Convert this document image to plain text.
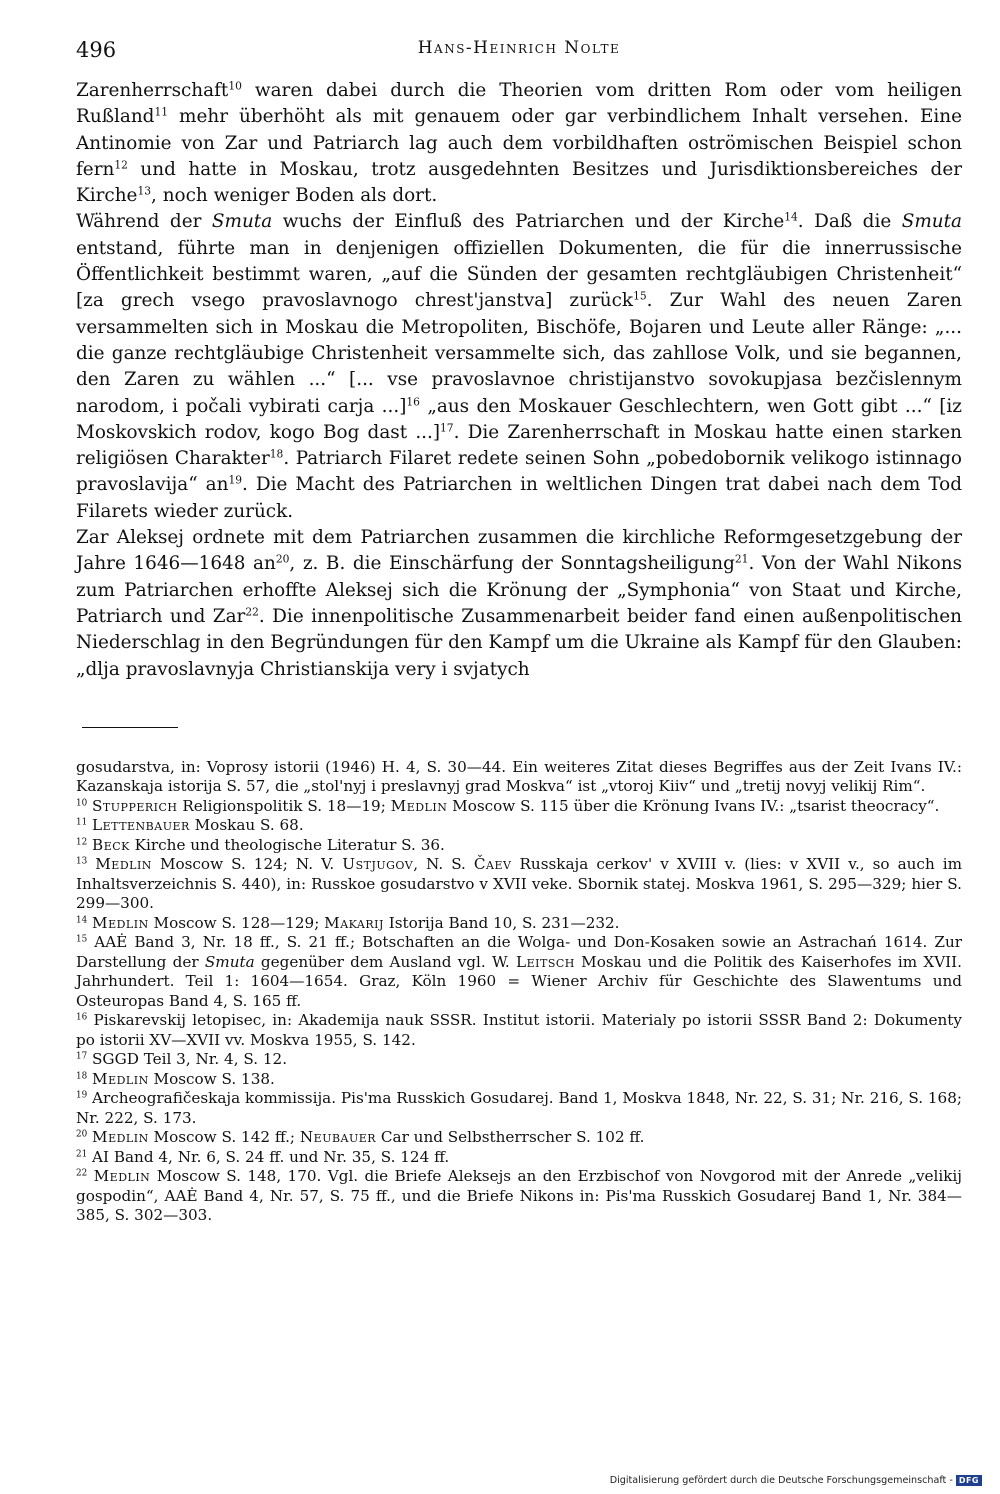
496	Hans-Heinrich Nolte

Zarenherrschaft$^{10}$ waren dabei durch die Theorien vom dritten Rom oder vom heiligen Rußland$^{11}$ mehr überhöht als mit genauem oder gar verbindlichem Inhalt versehen. Eine Antinomie von Zar und Patriarch lag auch dem vorbildhaften oströmischen Beispiel schon fern$^{12}$ und hatte in Moskau, trotz ausgedehnten Besitzes und Jurisdiktionsbereiches der Kirche$^{13}$, noch weniger Boden als dort.

Während der Smuta wuchs der Einfluß des Patriarchen und der Kirche$^{14}$. Daß die Smuta entstand, führte man in denjenigen offiziellen Dokumenten, die für die innerrussische Öffentlichkeit bestimmt waren, „auf die Sünden der gesamten rechtgläubigen Christenheit“ [za grech vsego pravoslavnogo chrest'janstva] zurück$^{15}$. Zur Wahl des neuen Zaren versammelten sich in Moskau die Metropoliten, Bischöfe, Bojaren und Leute aller Ränge: „... die ganze rechtgläubige Christenheit versammelte sich, das zahllose Volk, und sie begannen, den Zaren zu wählen ...“ [... vse pravoslavnoe christijanstvo sovokupjasa bezčislennym narodom, i počali vybirati carja ...]$^{16}$ „aus den Moskauer Geschlechtern, wen Gott gibt ...“ [iz Moskovskich rodov, kogo Bog dast ...]$^{17}$. Die Zarenherrschaft in Moskau hatte einen starken religiösen Charakter$^{18}$. Patriarch Filaret redete seinen Sohn „pobedobornik velikogo istinnago pravoslavija“ $an^{19}$. Die Macht des Patriarchen in weltlichen Dingen trat dabei nach dem Tod Filarets wieder zurück.

Zar Aleksej ordnete mit dem Patriarchen zusammen die kirchliche Reformgesetzgebung der Jahre 1646—1648 $an^{20}$, z. B. die Einschärfung der Sonntagsheiligung$^{21}$. Von der Wahl Nikons zum Patriarchen erhoffte Aleksej sich die Krönung der „Symphonia“ von Staat und Kirche, Patriarch und Zar$^{22}$. Die innenpolitische Zusammenarbeit beider fand einen außenpolitischen Niederschlag in den Begründungen für den Kampf um die Ukraine als Kampf für den Glauben: „dlja pravoslavnyja Christianskija very i svjatych

gosudarstva, in: Voprosy istorii (1946) H. 4, S. 30—44. Ein weiteres Zitat dieses Begriffes aus der Zeit Ivans IV.: Kazanskaja istorija S. 57, die „stol'nyj i preslavnyj grad Moskva“ ist „vtoroj Kiiv“ und „tretij novyj velikij Rim“.

$^{10}$ Stupperich Religionspolitik S. 18—19; Medlin Moscow S. 115 über die Krönung Ivans IV.: „tsarist theocracy“.

$^{11}$ Lettenbauer Moskau S. 68.

$^{12}$ Beck Kirche und theologische Literatur S. 36.

$^{13}$ Medlin Moscow S. 124; N. V. Ustjugov, N. S. Čaev Russkaja cerkov' v XVIII v. (lies: v XVII v., so auch im Inhaltsverzeichnis S. 440), in: Russkoe gosudarstvo v XVII veke. Sbornik statej. Moskva 1961, S. 295—329; hier S. 299—300.

$^{14}$ Medlin Moscow S. 128—129; Makarij Istorija Band 10, S. 231—232.

$^{15}$ AAĖ Band 3, Nr. 18 ff., S. 21 ff.; Botschaften an die Wolga- und Don-Kosaken sowie an Astrachań 1614. Zur Darstellung der Smuta gegenüber dem Ausland vgl. W. Leitsch Moskau und die Politik des Kaiserhofes im XVII. Jahrhundert. Teil 1: 1604—1654. Graz, Köln 1960 = Wiener Archiv für Geschichte des Slawentums und Osteuropas Band 4, S. 165 ff.

$^{16}$ Piskarevskij letopisec, in: Akademija nauk SSSR. Institut istorii. Materialy po istorii SSSR Band 2: Dokumenty po istorii XV—XVII vv. Moskva 1955, S. 142.

$^{17}$ SGGD Teil 3, Nr. 4, S. 12.

$^{18}$ Medlin Moscow S. 138.

$^{19}$ Archeografičeskaja kommissija. Pis'ma Russkich Gosudarej. Band 1, Moskva 1848, Nr. 22, S. 31; Nr. 216, S. 168; Nr. 222, S. 173.

$^{20}$ Medlin Moscow S. 142 ff.; Neubauer Car und Selbstherrscher S. 102 ff.

$^{21}$ AI Band 4, Nr. 6, S. 24 ff. und Nr. 35, S. 124 ff.

$^{22}$ Medlin Moscow S. 148, 170. Vgl. die Briefe Aleksejs an den Erzbischof von Novgorod mit der Anrede „velikij gospodin“, AAĖ Band 4, Nr. 57, S. 75 ff., und die Briefe Nikons in: Pis'ma Russkich Gosudarej Band 1, Nr. 384—385, S. 302—303.

Digitalisierung gefördert durch die Deutsche Forschungsgemeinschaft - DFG
